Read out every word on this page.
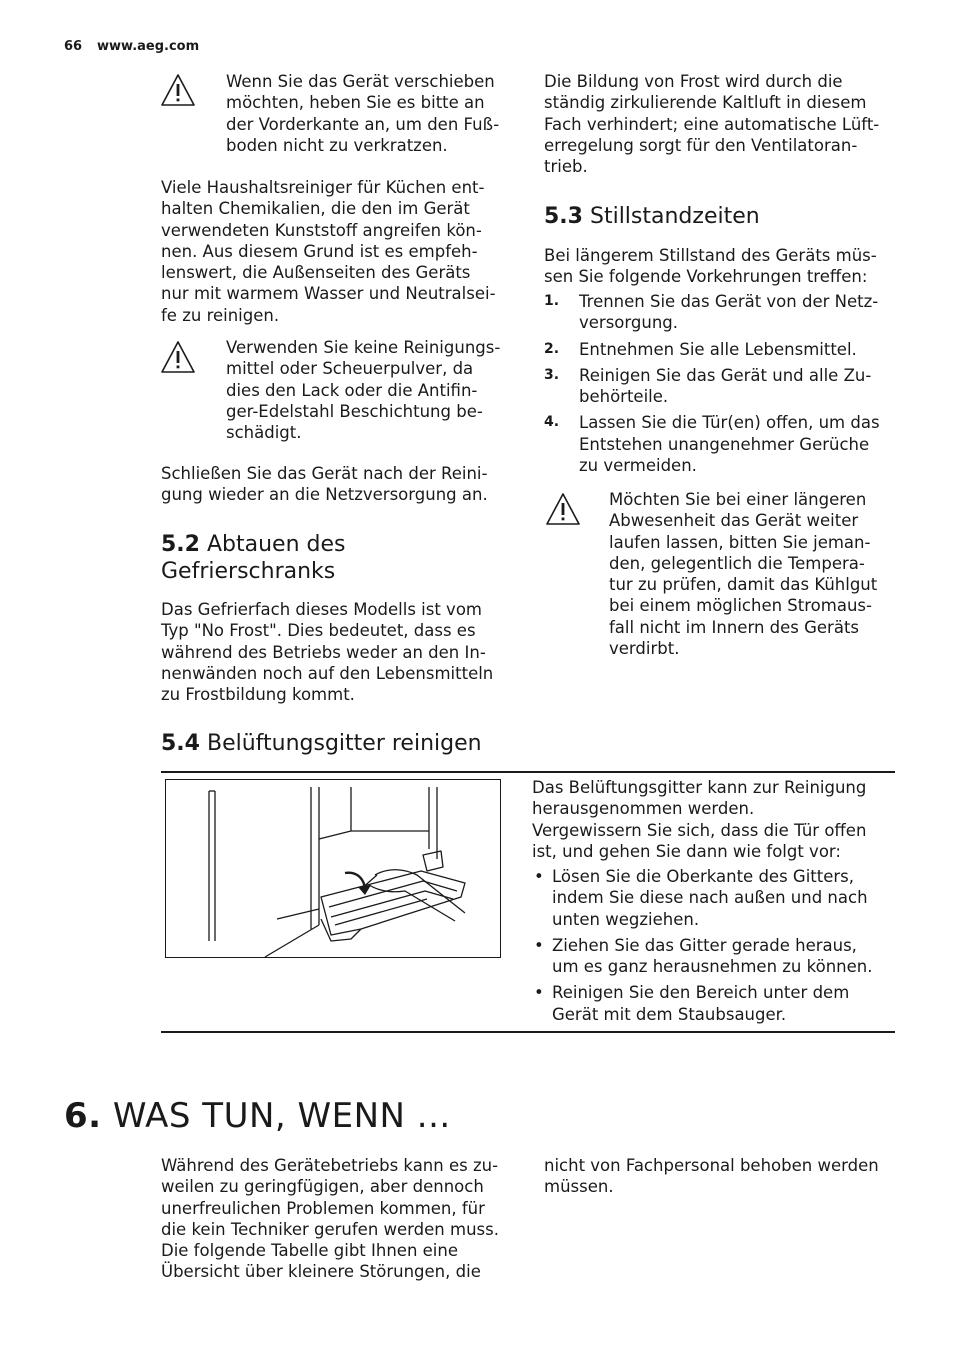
66 www.aeg.com
Wenn Sie das Gerät verschieben
möchten, heben Sie es bitte an
der Vorderkante an, um den Fuß-
boden nicht zu verkratzen.
Viele Haushaltsreiniger für Küchen ent-
halten Chemikalien, die den im Gerät
verwendeten Kunststoff angreifen kön-
nen. Aus diesem Grund ist es empfeh-
lenswert, die Außenseiten des Geräts
nur mit warmem Wasser und Neutralsei-
fe zu reinigen.
Verwenden Sie keine Reinigungs-
mittel oder Scheuerpulver, da
dies den Lack oder die Antifin-
ger-Edelstahl Beschichtung be-
schädigt.
Schließen Sie das Gerät nach der Reini-
gung wieder an die Netzversorgung an.
5.2 Abtauen des
Gefrierschranks
Das Gefrierfach dieses Modells ist vom
Typ "No Frost". Dies bedeutet, dass es
während des Betriebs weder an den In-
nenwänden noch auf den Lebensmitteln
zu Frostbildung kommt.
Die Bildung von Frost wird durch die
ständig zirkulierende Kaltluft in diesem
Fach verhindert; eine automatische Lüft-
erregelung sorgt für den Ventilatoran-
trieb.
5.3 Stillstandzeiten
Bei längerem Stillstand des Geräts müs-
sen Sie folgende Vorkehrungen treffen:
1. Trennen Sie das Gerät von der Netz-
versorgung.
2. Entnehmen Sie alle Lebensmittel.
3. Reinigen Sie das Gerät und alle Zu-
behörteile.
4. Lassen Sie die Tür(en) offen, um das
Entstehen unangenehmer Gerüche
zu vermeiden.
Möchten Sie bei einer längeren
Abwesenheit das Gerät weiter
laufen lassen, bitten Sie jeman-
den, gelegentlich die Tempera-
tur zu prüfen, damit das Kühlgut
bei einem möglichen Stromaus-
fall nicht im Innern des Geräts
verdirbt.
5.4 Belüftungsgitter reinigen
Das Belüftungsgitter kann zur Reinigung
herausgenommen werden.
Vergewissern Sie sich, dass die Tür offen
ist, und gehen Sie dann wie folgt vor:
• Lösen Sie die Oberkante des Gitters,
indem Sie diese nach außen und nach
unten wegziehen.
• Ziehen Sie das Gitter gerade heraus,
um es ganz herausnehmen zu können.
• Reinigen Sie den Bereich unter dem
Gerät mit dem Staubsauger.
6. WAS TUN, WENN ...
Während des Gerätebetriebs kann es zu-
weilen zu geringfügigen, aber dennoch
unerfreulichen Problemen kommen, für
die kein Techniker gerufen werden muss.
Die folgende Tabelle gibt Ihnen eine
Übersicht über kleinere Störungen, die
nicht von Fachpersonal behoben werden
müssen.
